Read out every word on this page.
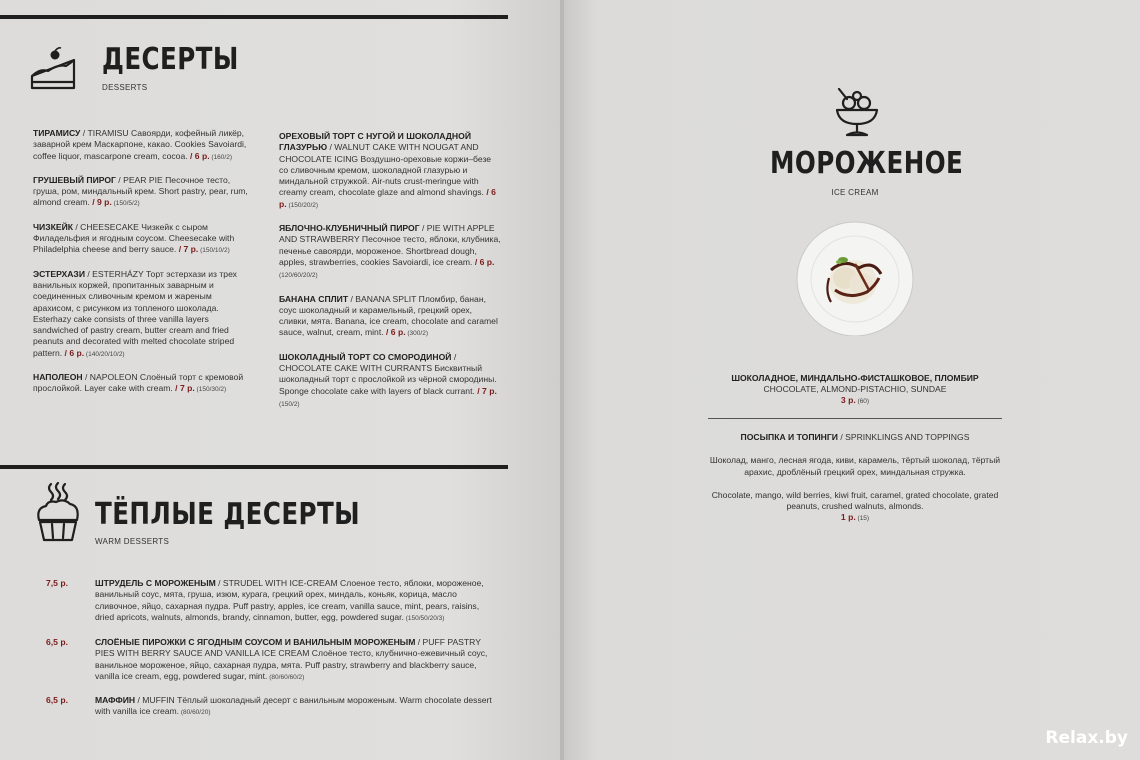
ДЕСЕРТЫ
DESSERTS
ТИРАМИСУ / TIRAMISU Савоярди, кофейный ликёр, заварной крем Маскарпоне, какао. Cookies Savoiardi, coffee liquor, mascarpone cream, cocoa. / 6 р. (160/2)
ГРУШЕВЫЙ ПИРОГ / PEAR PIE Песочное тесто, груша, ром, миндальный крем. Short pastry, pear, rum, almond cream. / 9 р. (150/5/2)
ЧИЗКЕЙК / CHEESECAKE Чизкейк с сыром Филадельфия и ягодным соусом. Cheesecake with Philadelphia cheese and berry sauce. / 7 р. (150/10/2)
ЭСТЕРХАЗИ / ESTERHÁZY Торт эстерхази из трех ванильных коржей, пропитанных заварным и соединенных сливочным кремом и жареным арахисом, с рисунком из топленого шоколада. Esterhazy cake consists of three vanilla layers sandwiched of pastry cream, butter cream and fried peanuts and decorated with melted chocolate striped pattern. / 6 р. (140/20/10/2)
НАПОЛЕОН / NAPOLEON Слоёный торт с кремовой прослойкой. Layer cake with cream. / 7 р. (150/30/2)
ОРЕХОВЫЙ ТОРТ С НУГОЙ И ШОКОЛАДНОЙ ГЛАЗУРЬЮ / WALNUT CAKE WITH NOUGAT AND CHOCOLATE ICING Воздушно-ореховые коржи–безе со сливочным кремом, шоколадной глазурью и миндальной стружкой. Air-nuts crust-meringue with creamy cream, chocolate glaze and almond shavings. / 6 р. (150/20/2)
ЯБЛОЧНО-КЛУБНИЧНЫЙ ПИРОГ / PIE WITH APPLE AND STRAWBERRY Песочное тесто, яблоки, клубника, печенье савоярди, мороженое. Shortbread dough, apples, strawberries, cookies Savoiardi, ice cream. / 6 р. (120/60/20/2)
БАНАНА СПЛИТ / BANANA SPLIT Пломбир, банан, соус шоколадный и карамельный, грецкий орех, сливки, мята. Banana, ice cream, chocolate and caramel sauce, walnut, cream, mint. / 6 р. (300/2)
ШОКОЛАДНЫЙ ТОРТ СО СМОРОДИНОЙ / CHOCOLATE CAKE WITH CURRANTS Бисквитный шоколадный торт с прослойкой из чёрной смородины. Sponge chocolate cake with layers of black currant. / 7 р. (150/2)
ТЁПЛЫЕ ДЕСЕРТЫ
WARM DESSERTS
7,5 р.	ШТРУДЕЛЬ С МОРОЖЕНЫМ / STRUDEL WITH ICE-CREAM Слоеное тесто, яблоки, мороженое, ванильный соус, мята, груша, изюм, курага, грецкий орех, миндаль, коньяк, корица, масло сливочное, яйцо, сахарная пудра. Puff pastry, apples, ice cream, vanilla sauce, mint, pears, raisins, dried apricots, walnuts, almonds, brandy, cinnamon, butter, egg, powdered sugar. (150/50/20/3)
6,5 р.	СЛОЁНЫЕ ПИРОЖКИ С ЯГОДНЫМ СОУСОМ И ВАНИЛЬНЫМ МОРОЖЕНЫМ / PUFF PASTRY PIES WITH BERRY SAUCE AND VANILLA ICE CREAM Слоёное тесто, клубнично-ежевичный соус, ванильное мороженое, яйцо, сахарная пудра, мята. Puff pastry, strawberry and blackberry sauce, vanilla ice cream, egg, powdered sugar, mint. (80/60/60/2)
6,5 р.	МАФФИН / MUFFIN Тёплый шоколадный десерт с ванильным мороженым. Warm chocolate dessert with vanilla ice cream. (80/60/20)
МОРОЖЕНОЕ
ICE CREAM
ШОКОЛАДНОЕ, МИНДАЛЬНО-ФИСТАШКОВОЕ, ПЛОМБИР
CHOCOLATE, ALMOND-PISTACHIO, SUNDAE
3 р. (60)
ПОСЫПКА И ТОПИНГИ / SPRINKLINGS AND TOPPINGS
Шоколад, манго, лесная ягода, киви, карамель, тёртый шоколад, тёртый арахис, дроблёный грецкий орех, миндальная стружка.
Chocolate, mango, wild berries, kiwi fruit, caramel, grated chocolate, grated peanuts, crushed walnuts, almonds.
1 р. (15)
Relax.by
